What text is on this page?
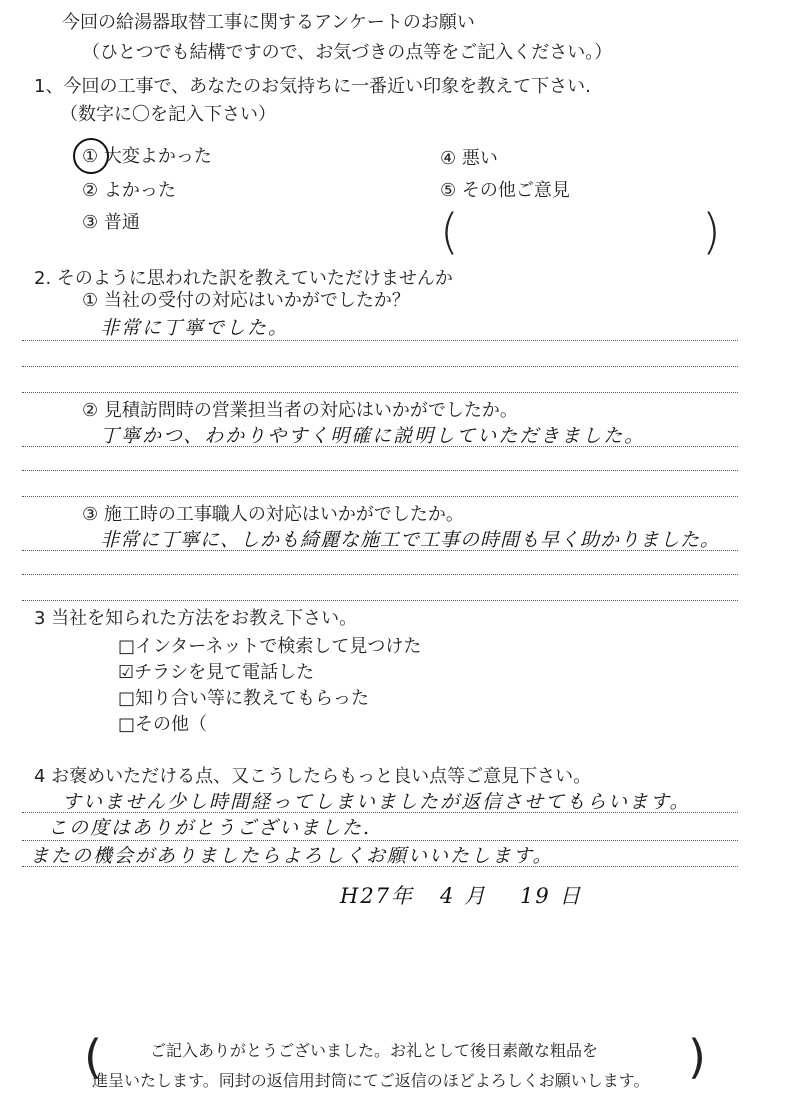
今回の給湯器取替工事に関するアンケートのお願い
（ひとつでも結構ですので、お気づきの点等をご記入ください。）
1、今回の工事で、あなたのお気持ちに一番近い印象を教えて下さい.
（数字に〇を記入下さい）
① 大変よかった
② よかった
③ 普通
④ 悪い
⑤ その他ご意見
(	)
2. そのように思われた訳を教えていただけませんか
① 当社の受付の対応はいかがでしたか？
非常に丁寧でした。
② 見積訪問時の営業担当者の対応はいかがでしたか。
丁寧かつ、わかりやすく明確に説明していただきました。
③ 施工時の工事職人の対応はいかがでしたか。
非常に丁寧に、しかも綺麗な施工で工事の時間も早く助かりました。
3 当社を知られた方法をお教え下さい。
□インターネットで検索して見つけた
☑チラシを見て電話した
□知り合い等に教えてもらった
□その他（
4 お褒めいただける点、又こうしたらもっと良い点等ご意見下さい。
すいません少し時間経ってしまいましたが返信させてもらいます。
この度はありがとうございました.
またの機会がありましたらよろしくお願いいたします。
H27年 4 月 19 日
(	)
ご記入ありがとうございました。お礼として後日素敵な粗品を
進呈いたします。同封の返信用封筒にてご返信のほどよろしくお願いします。
